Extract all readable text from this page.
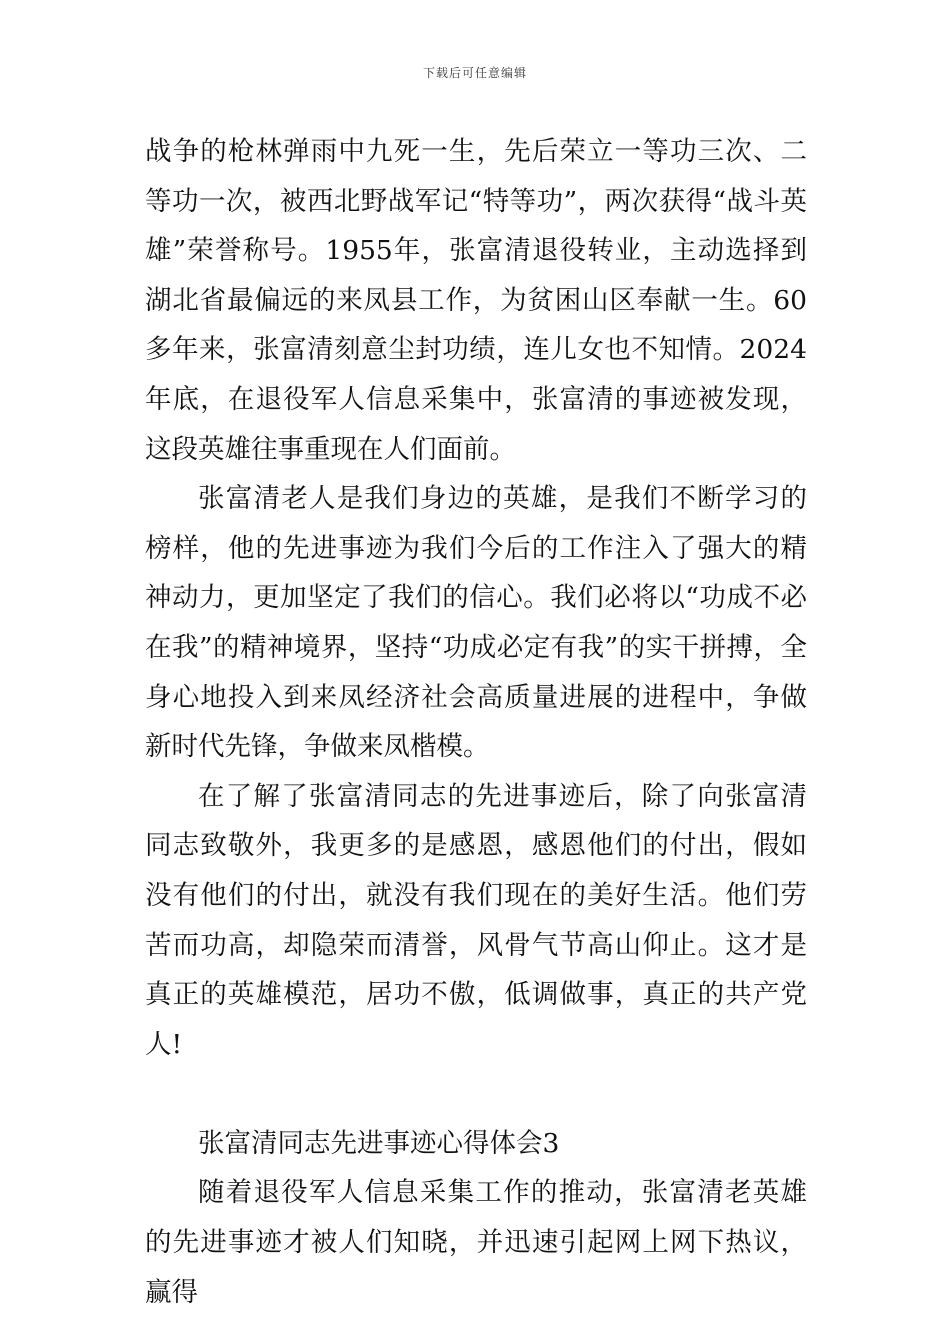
下载后可任意编辑

战争的枪林弹雨中九死一生，先后荣立一等功三次、二等功一次，被西北野战军记“特等功”，两次获得“战斗英雄”荣誉称号。1955年，张富清退役转业，主动选择到湖北省最偏远的来凤县工作，为贫困山区奉献一生。60多年来，张富清刻意尘封功绩，连儿女也不知情。2024年底，在退役军人信息采集中，张富清的事迹被发现，这段英雄往事重现在人们面前。

张富清老人是我们身边的英雄，是我们不断学习的榜样，他的先进事迹为我们今后的工作注入了强大的精神动力，更加坚定了我们的信心。我们必将以“功成不必在我”的精神境界，坚持“功成必定有我”的实干拼搏，全身心地投入到来凤经济社会高质量进展的进程中，争做新时代先锋，争做来凤楷模。

在了解了张富清同志的先进事迹后，除了向张富清同志致敬外，我更多的是感恩，感恩他们的付出，假如没有他们的付出，就没有我们现在的美好生活。他们劳苦而功高，却隐荣而清誉，风骨气节高山仰止。这才是真正的英雄模范，居功不傲，低调做事，真正的共产党人!

张富清同志先进事迹心得体会3

随着退役军人信息采集工作的推动，张富清老英雄的先进事迹才被人们知晓，并迅速引起网上网下热议，赢得
